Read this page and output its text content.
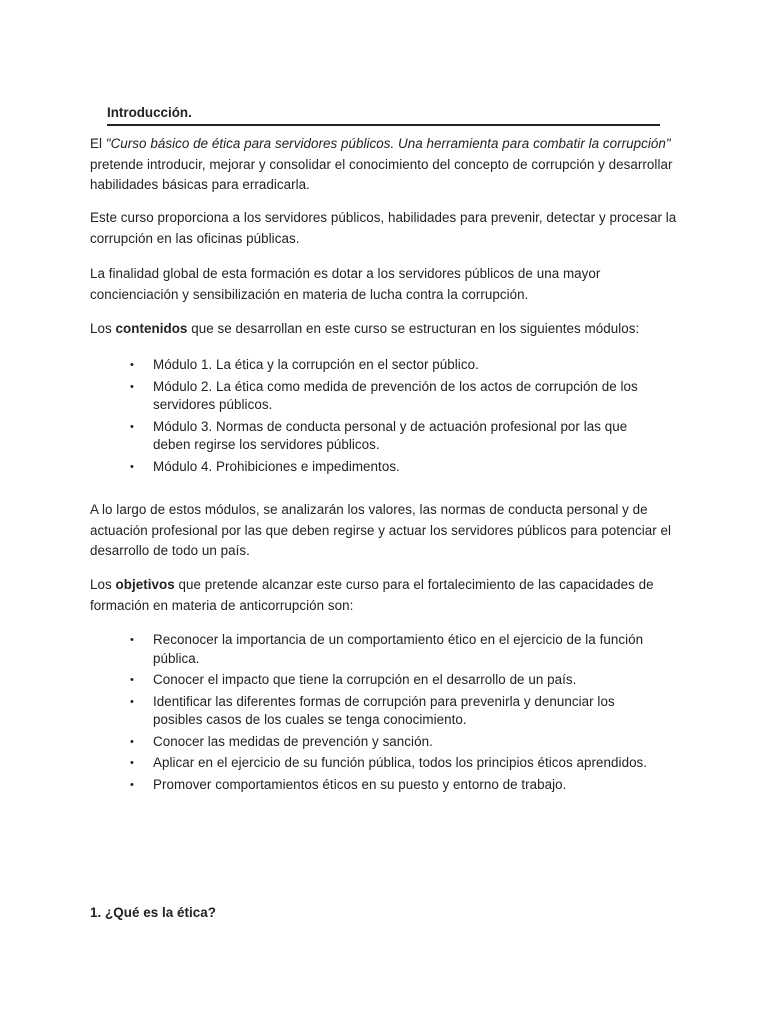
Introducción.

El "Curso básico de ética para servidores públicos. Una herramienta para combatir la corrupción" pretende introducir, mejorar y consolidar el conocimiento del concepto de corrupción y desarrollar habilidades básicas para erradicarla.

Este curso proporciona a los servidores públicos, habilidades para prevenir, detectar y procesar la corrupción en las oficinas públicas.

La finalidad global de esta formación es dotar a los servidores públicos de una mayor concienciación y sensibilización en materia de lucha contra la corrupción.

Los contenidos que se desarrollan en este curso se estructuran en los siguientes módulos:

• Módulo 1. La ética y la corrupción en el sector público.
• Módulo 2. La ética como medida de prevención de los actos de corrupción de los servidores públicos.
• Módulo 3. Normas de conducta personal y de actuación profesional por las que deben regirse los servidores públicos.
• Módulo 4. Prohibiciones e impedimentos.

A lo largo de estos módulos, se analizarán los valores, las normas de conducta personal y de actuación profesional por las que deben regirse y actuar los servidores públicos para potenciar el desarrollo de todo un país.

Los objetivos que pretende alcanzar este curso para el fortalecimiento de las capacidades de formación en materia de anticorrupción son:

• Reconocer la importancia de un comportamiento ético en el ejercicio de la función pública.
• Conocer el impacto que tiene la corrupción en el desarrollo de un país.
• Identificar las diferentes formas de corrupción para prevenirla y denunciar los posibles casos de los cuales se tenga conocimiento.
• Conocer las medidas de prevención y sanción.
• Aplicar en el ejercicio de su función pública, todos los principios éticos aprendidos.
• Promover comportamientos éticos en su puesto y entorno de trabajo.

1. ¿Qué es la ética?
